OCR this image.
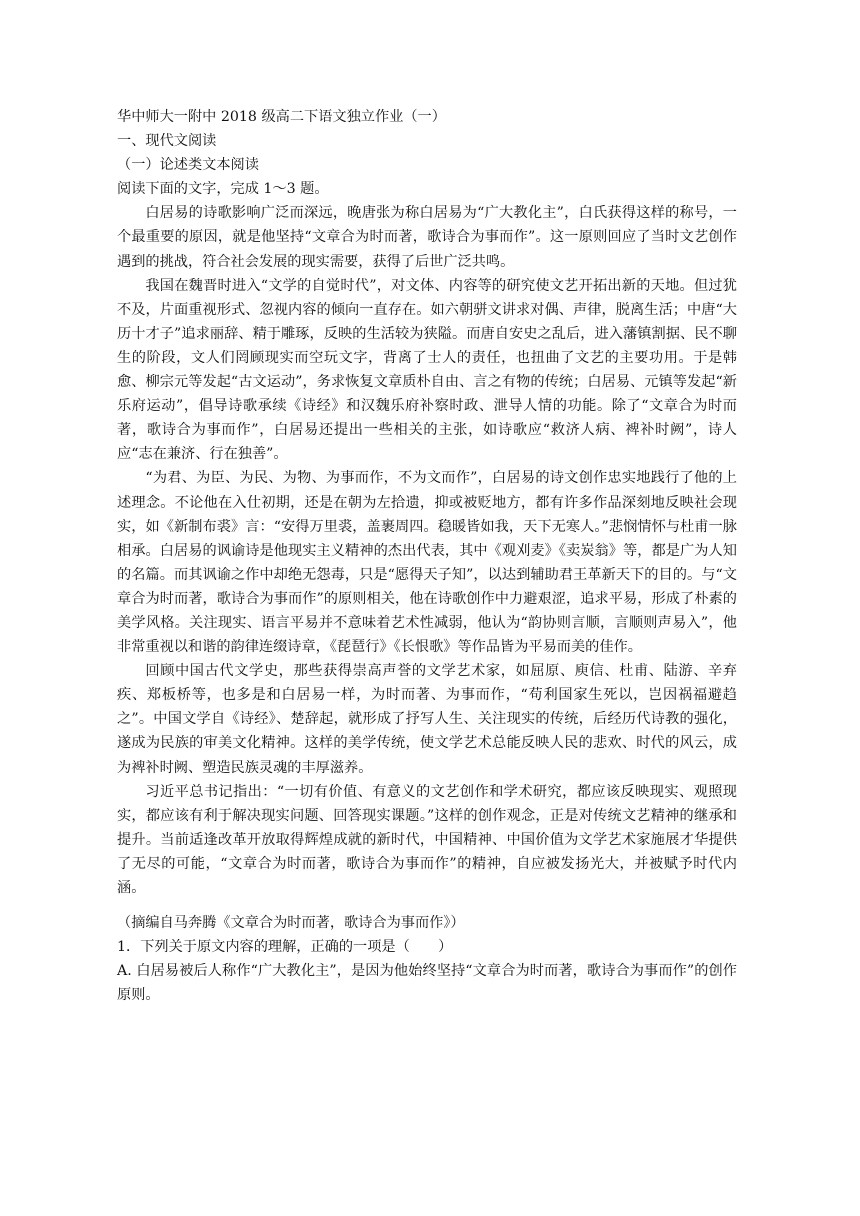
华中师大一附中 2018 级高二下语文独立作业（一）

一、现代文阅读

（一）论述类文本阅读

阅读下面的文字，完成 1～3 题。

白居易的诗歌影响广泛而深远，晚唐张为称白居易为“广大教化主”，白氏获得这样的称号，一个最重要的原因，就是他坚持“文章合为时而著，歌诗合为事而作”。这一原则回应了当时文艺创作遇到的挑战，符合社会发展的现实需要，获得了后世广泛共鸣。

我国在魏晋时进入“文学的自觉时代”，对文体、内容等的研究使文艺开拓出新的天地。但过犹不及，片面重视形式、忽视内容的倾向一直存在。如六朝骈文讲求对偶、声律，脱离生活；中唐“大历十才子”追求丽辞、精于雕琢，反映的生活较为狭隘。而唐自安史之乱后，进入藩镇割据、民不聊生的阶段，文人们罔顾现实而空玩文字，背离了士人的责任，也扭曲了文艺的主要功用。于是韩愈、柳宗元等发起“古文运动”，务求恢复文章质朴自由、言之有物的传统；白居易、元镇等发起“新乐府运动”，倡导诗歌承续《诗经》和汉魏乐府补察时政、泄导人情的功能。除了“文章合为时而著，歌诗合为事而作”，白居易还提出一些相关的主张，如诗歌应“救济人病、裨补时阙”，诗人应“志在兼济、行在独善”。

“为君、为臣、为民、为物、为事而作，不为文而作”，白居易的诗文创作忠实地践行了他的上述理念。不论他在入仕初期，还是在朝为左拾遗，抑或被贬地方，都有许多作品深刻地反映社会现实，如《新制布裘》言：“安得万里裘，盖裹周四。稳暖皆如我，天下无寒人。”悲悯情怀与杜甫一脉相承。白居易的讽谕诗是他现实主义精神的杰出代表，其中《观刈麦》《卖炭翁》等，都是广为人知的名篇。而其讽谕之作中却绝无怨毒，只是“愿得天子知”，以达到辅助君王革新天下的目的。与“文章合为时而著，歌诗合为事而作”的原则相关，他在诗歌创作中力避艰涩，追求平易，形成了朴素的美学风格。关注现实、语言平易并不意味着艺术性减弱，他认为“韵协则言顺，言顺则声易入”，他非常重视以和谐的韵律连缀诗章，《琵琶行》《长恨歌》等作品皆为平易而美的佳作。

回顾中国古代文学史，那些获得崇高声誉的文学艺术家，如屈原、庾信、杜甫、陆游、辛弃疾、郑板桥等，也多是和白居易一样，为时而著、为事而作，“苟利国家生死以，岂因祸福避趋之”。中国文学自《诗经》、楚辞起，就形成了抒写人生、关注现实的传统，后经历代诗教的强化，遂成为民族的审美文化精神。这样的美学传统，使文学艺术总能反映人民的悲欢、时代的风云，成为裨补时阙、塑造民族灵魂的丰厚滋养。

习近平总书记指出：“一切有价值、有意义的文艺创作和学术研究，都应该反映现实、观照现实，都应该有利于解决现实问题、回答现实课题。”这样的创作观念，正是对传统文艺精神的继承和提升。当前适逢改革开放取得辉煌成就的新时代，中国精神、中国价值为文学艺术家施展才华提供了无尽的可能，“文章合为时而著，歌诗合为事而作”的精神，自应被发扬光大，并被赋予时代内涵。

（摘编自马奔腾《文章合为时而著，歌诗合为事而作》）

1．下列关于原文内容的理解，正确的一项是（　　）

A. 白居易被后人称作“广大教化主”，是因为他始终坚持“文章合为时而著，歌诗合为事而作”的创作原则。
